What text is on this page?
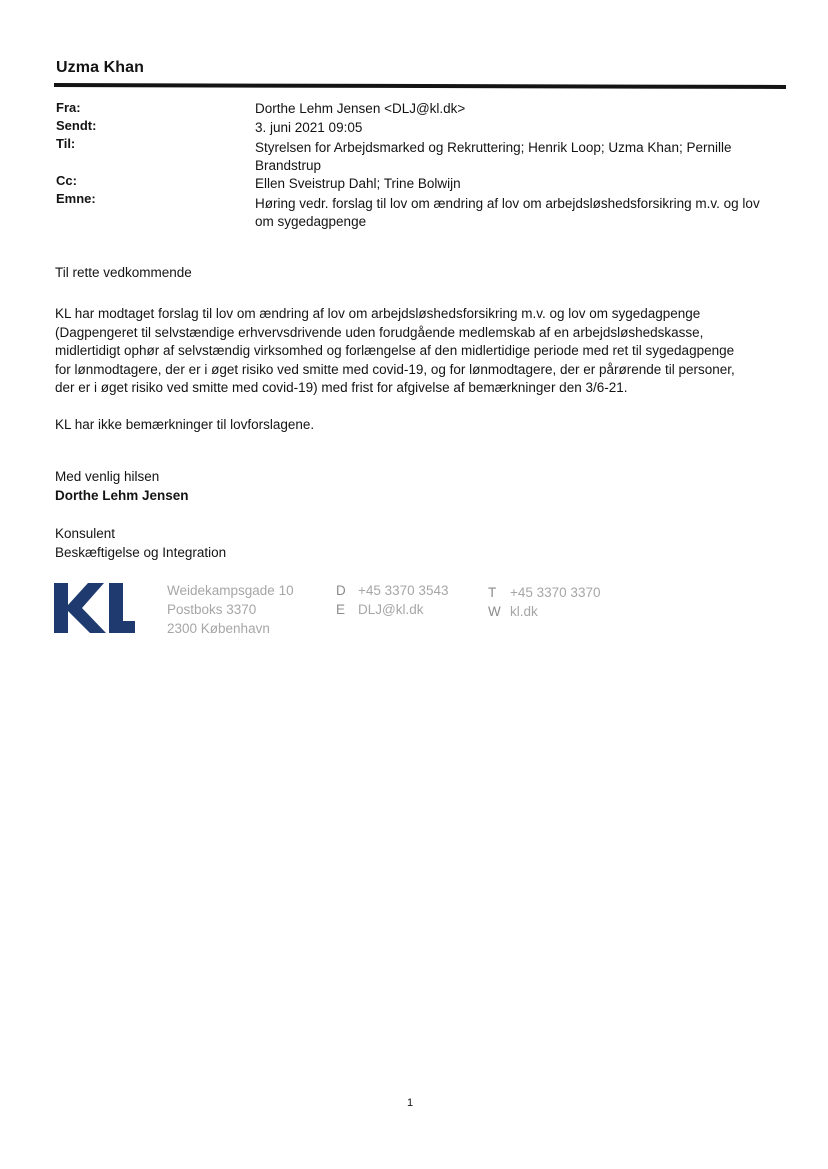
Uzma Khan
Fra:
Sendt:
Til:
Cc:
Emne:
Dorthe Lehm Jensen <DLJ@kl.dk>
3. juni 2021 09:05
Styrelsen for Arbejdsmarked og Rekruttering; Henrik Loop; Uzma Khan; Pernille Brandstrup
Ellen Sveistrup Dahl; Trine Bolwijn
Høring vedr. forslag til lov om ændring af lov om arbejdsløshedsforsikring m.v. og lov om sygedagpenge
Til rette vedkommende
KL har modtaget forslag til lov om ændring af lov om arbejdsløshedsforsikring m.v. og lov om sygedagpenge
(Dagpengeret til selvstændige erhvervsdrivende uden forudgående medlemskab af en arbejdsløshedskasse,
midlertidigt ophør af selvstændig virksomhed og forlængelse af den midlertidige periode med ret til sygedagpenge
for lønmodtagere, der er i øget risiko ved smitte med covid-19, og for lønmodtagere, der er pårørende til personer,
der er i øget risiko ved smitte med covid-19) med frist for afgivelse af bemærkninger den 3/6-21.
KL har ikke bemærkninger til lovforslagene.
Med venlig hilsen
Dorthe Lehm Jensen
Konsulent
Beskæftigelse og Integration
Weidekampsgade 10
Postboks 3370
2300 København
D +45 3370 3543
E DLJ@kl.dk
T +45 3370 3370
W kl.dk
1
